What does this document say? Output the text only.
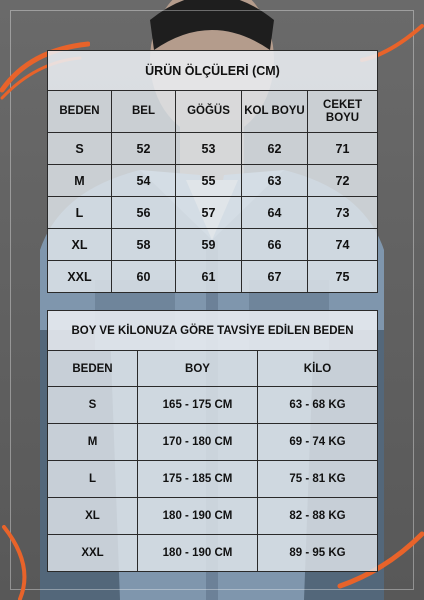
ÜRÜN ÖLÇÜLERİ (CM)				
BEDEN	BEL	GÖĞÜS	KOL BOYU	CEKET BOYU
S	52	53	62	71
M	54	55	63	72
L	56	57	64	73
XL	58	59	66	74
XXL	60	61	67	75
BOY VE KİLONUZA GÖRE TAVSİYE EDİLEN BEDEN		
BEDEN	BOY	KİLO
S	165 - 175 CM	63 - 68 KG
M	170 - 180 CM	69 - 74 KG
L	175 - 185 CM	75 - 81 KG
XL	180 - 190 CM	82 - 88 KG
XXL	180 - 190 CM	89 - 95 KG
